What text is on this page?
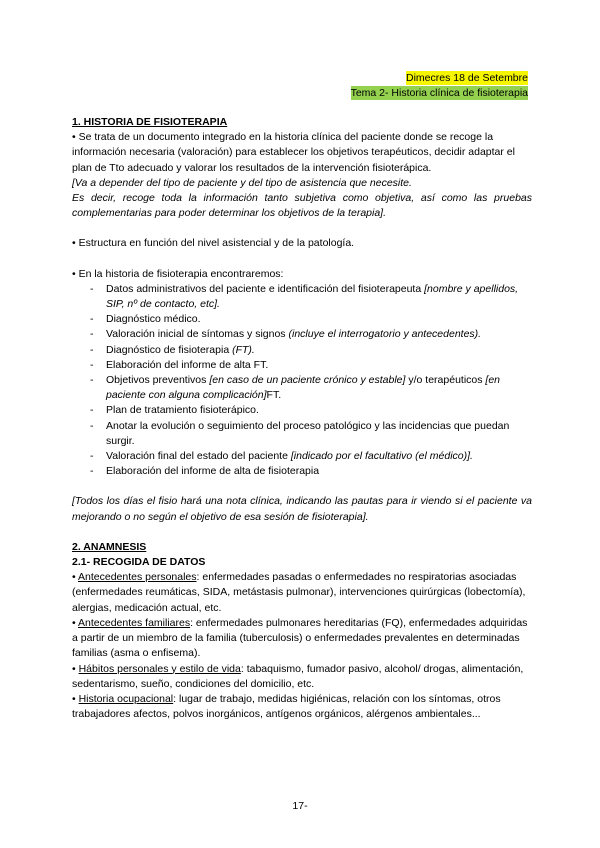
Dimecres 18 de Setembre
Tema 2- Historia clínica de fisioterapia

1. HISTORIA DE FISIOTERAPIA

• Se trata de un documento integrado en la historia clínica del paciente donde se recoge la información necesaria (valoración) para establecer los objetivos terapéuticos, decidir adaptar el plan de Tto adecuado y valorar los resultados de la intervención fisioterápica.

[Va a depender del tipo de paciente y del tipo de asistencia que necesite.

Es decir, recoge toda la información tanto subjetiva como objetiva, así como las pruebas complementarias para poder determinar los objetivos de la terapia].

• Estructura en función del nivel asistencial y de la patología.

• En la historia de fisioterapia encontraremos:

- Datos administrativos del paciente e identificación del fisioterapeuta [nombre y apellidos, SIP, nº de contacto, etc].
- Diagnóstico médico.
- Valoración inicial de síntomas y signos (incluye el interrogatorio y antecedentes).
- Diagnóstico de fisioterapia (FT).
- Elaboración del informe de alta FT.
- Objetivos preventivos [en caso de un paciente crónico y estable] y/o terapéuticos [en paciente con alguna complicación]FT.
- Plan de tratamiento fisioterápico.
- Anotar la evolución o seguimiento del proceso patológico y las incidencias que puedan surgir.
- Valoración final del estado del paciente [indicado por el facultativo (el médico)].
- Elaboración del informe de alta de fisioterapia

[Todos los días el fisio hará una nota clínica, indicando las pautas para ir viendo si el paciente va mejorando o no según el objetivo de esa sesión de fisioterapia].

2. ANAMNESIS

2.1- RECOGIDA DE DATOS

• Antecedentes personales: enfermedades pasadas o enfermedades no respiratorias asociadas (enfermedades reumáticas, SIDA, metástasis pulmonar), intervenciones quirúrgicas (lobectomía), alergias, medicación actual, etc.

• Antecedentes familiares: enfermedades pulmonares hereditarias (FQ), enfermedades adquiridas a partir de un miembro de la familia (tuberculosis) o enfermedades prevalentes en determinadas familias (asma o enfisema).

• Hábitos personales y estilo de vida: tabaquismo, fumador pasivo, alcohol/ drogas, alimentación, sedentarismo, sueño, condiciones del domicilio, etc.

• Historia ocupacional: lugar de trabajo, medidas higiénicas, relación con los síntomas, otros trabajadores afectos, polvos inorgánicos, antígenos orgánicos, alérgenos ambientales...

17-
